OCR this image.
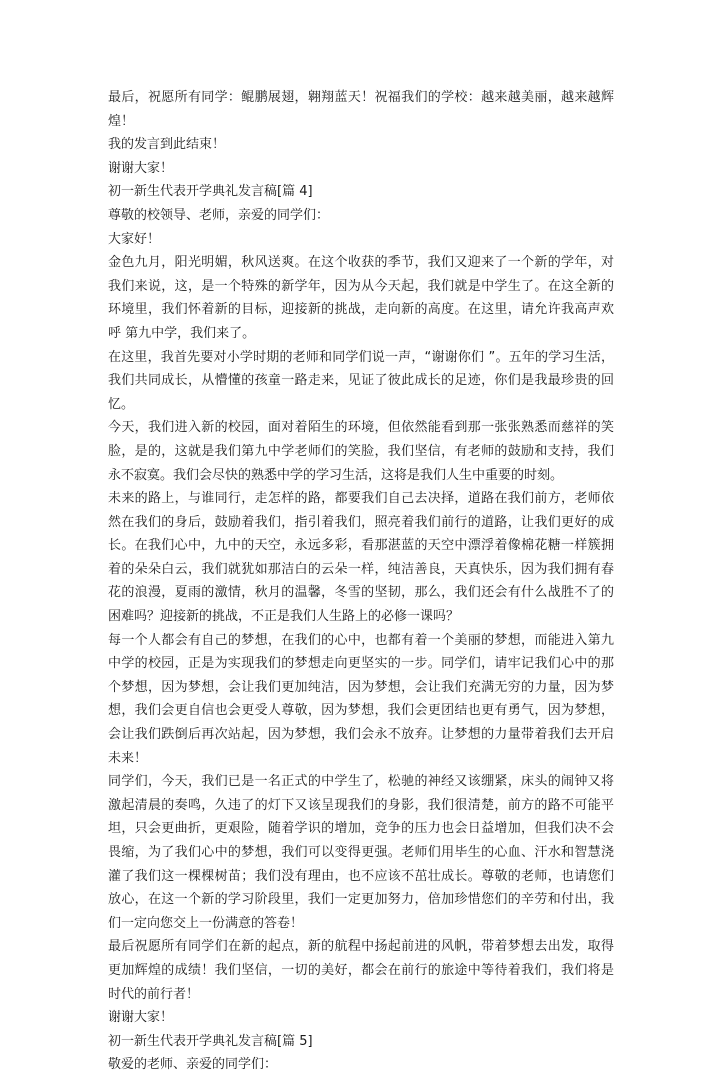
最后，祝愿所有同学：鲲鹏展翅，翱翔蓝天！祝福我们的学校：越来越美丽，越来越辉煌！

我的发言到此结束！

谢谢大家！

初一新生代表开学典礼发言稿[篇 4]

尊敬的校领导、老师，亲爱的同学们：

大家好！

金色九月，阳光明媚，秋风送爽。在这个收获的季节，我们又迎来了一个新的学年，对我们来说，这，是一个特殊的新学年，因为从今天起，我们就是中学生了。在这全新的环境里，我们怀着新的目标，迎接新的挑战，走向新的高度。在这里，请允许我高声欢呼 第九中学，我们来了。

在这里，我首先要对小学时期的老师和同学们说一声，“谢谢你们 ”。五年的学习生活，我们共同成长，从懵懂的孩童一路走来，见证了彼此成长的足迹，你们是我最珍贵的回忆。

今天，我们进入新的校园，面对着陌生的环境，但依然能看到那一张张熟悉而慈祥的笑脸，是的，这就是我们第九中学老师们的笑脸，我们坚信，有老师的鼓励和支持，我们永不寂寞。我们会尽快的熟悉中学的学习生活，这将是我们人生中重要的时刻。

未来的路上，与谁同行，走怎样的路，都要我们自己去决择，道路在我们前方，老师依然在我们的身后，鼓励着我们，指引着我们，照亮着我们前行的道路，让我们更好的成长。在我们心中，九中的天空，永远多彩，看那湛蓝的天空中漂浮着像棉花糖一样簇拥着的朵朵白云，我们就犹如那洁白的云朵一样，纯洁善良，天真快乐，因为我们拥有春花的浪漫，夏雨的激情，秋月的温馨，冬雪的坚韧，那么，我们还会有什么战胜不了的困难吗？迎接新的挑战，不正是我们人生路上的必修一课吗？

每一个人都会有自己的梦想，在我们的心中，也都有着一个美丽的梦想，而能进入第九中学的校园，正是为实现我们的梦想走向更坚实的一步。同学们，请牢记我们心中的那个梦想，因为梦想，会让我们更加纯洁，因为梦想，会让我们充满无穷的力量，因为梦想，我们会更自信也会更受人尊敬，因为梦想，我们会更团结也更有勇气，因为梦想，会让我们跌倒后再次站起，因为梦想，我们会永不放弃。让梦想的力量带着我们去开启未来！

同学们，今天，我们已是一名正式的中学生了，松驰的神经又该绷紧，床头的闹钟又将激起清晨的奏鸣，久违了的灯下又该呈现我们的身影，我们很清楚，前方的路不可能平坦，只会更曲折，更艰险，随着学识的增加，竞争的压力也会日益增加，但我们决不会畏缩，为了我们心中的梦想，我们可以变得更强。老师们用毕生的心血、汗水和智慧浇灌了我们这一棵棵树苗；我们没有理由，也不应该不茁壮成长。尊敬的老师，也请您们放心，在这一个新的学习阶段里，我们一定更加努力，倍加珍惜您们的辛劳和付出，我们一定向您交上一份满意的答卷！

最后祝愿所有同学们在新的起点，新的航程中扬起前进的风帆，带着梦想去出发，取得更加辉煌的成绩！我们坚信，一切的美好，都会在前行的旅途中等待着我们，我们将是时代的前行者！

谢谢大家！

初一新生代表开学典礼发言稿[篇 5]

敬爱的老师、亲爱的同学们：
